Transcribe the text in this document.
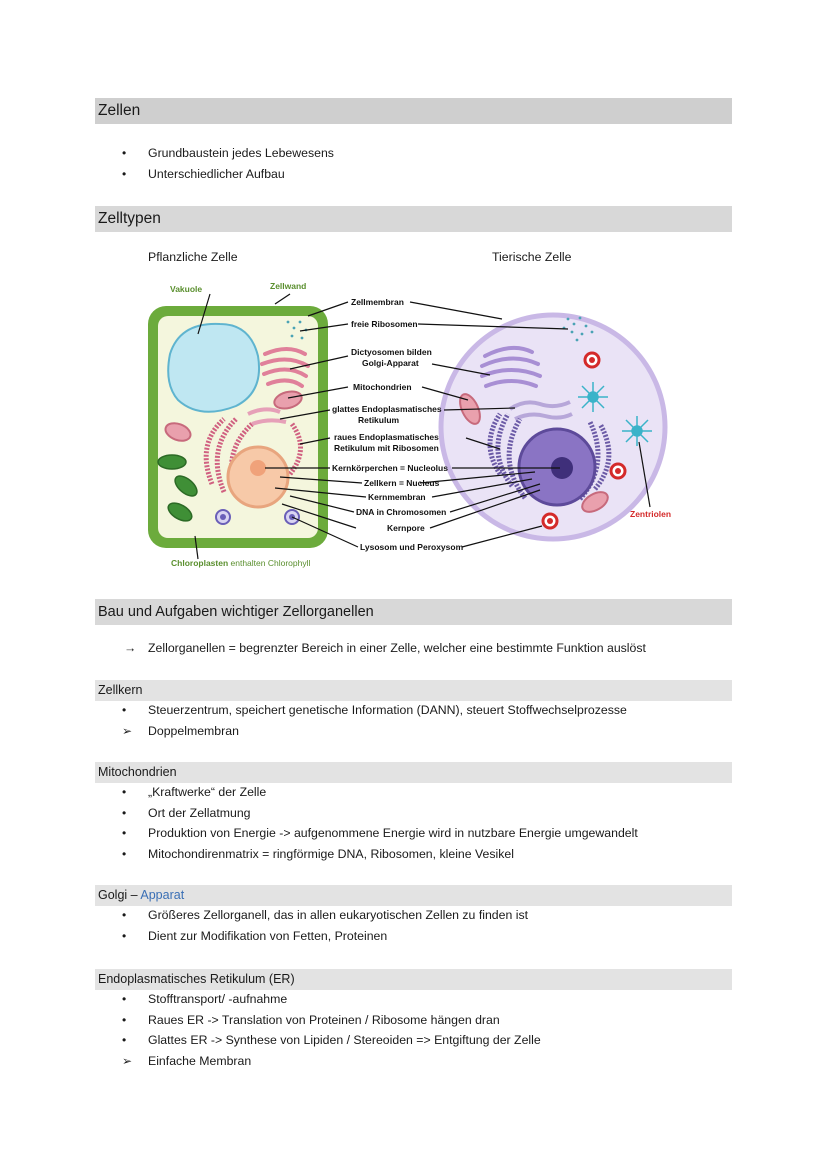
Zellen
• Grundbaustein jedes Lebewesens
• Unterschiedlicher Aufbau
Zelltypen
Pflanzliche Zelle	Tierische Zelle
Vakuole	Zellwand
Zellmembran
freie Ribosomen
Dictyosomen bilden
Golgi-Apparat
Mitochondrien
glattes Endoplasmatisches
Retikulum
raues Endoplasmatisches
Retikulum mit Ribosomen
Kernkörperchen = Nucleolus
Zellkern = Nucleus
Kernmembran
DNA in Chromosomen
Kernpore
Lysosom und Peroxysom
Chloroplasten enthalten Chlorophyll
Zentriolen
Bau und Aufgaben wichtiger Zellorganellen
→ Zellorganellen = begrenzter Bereich in einer Zelle, welcher eine bestimmte Funktion auslöst
Zellkern
• Steuerzentrum, speichert genetische Information (DANN), steuert Stoffwechselprozesse
➢ Doppelmembran
Mitochondrien
• „Kraftwerke“ der Zelle
• Ort der Zellatmung
• Produktion von Energie -> aufgenommene Energie wird in nutzbare Energie umgewandelt
• Mitochondirenmatrix = ringförmige DNA, Ribosomen, kleine Vesikel
Golgi – Apparat
• Größeres Zellorganell, das in allen eukaryotischen Zellen zu finden ist
• Dient zur Modifikation von Fetten, Proteinen
Endoplasmatisches Retikulum (ER)
• Stofftransport/ -aufnahme
• Raues ER -> Translation von Proteinen / Ribosome hängen dran
• Glattes ER -> Synthese von Lipiden / Stereoiden => Entgiftung der Zelle
➢ Einfache Membran
